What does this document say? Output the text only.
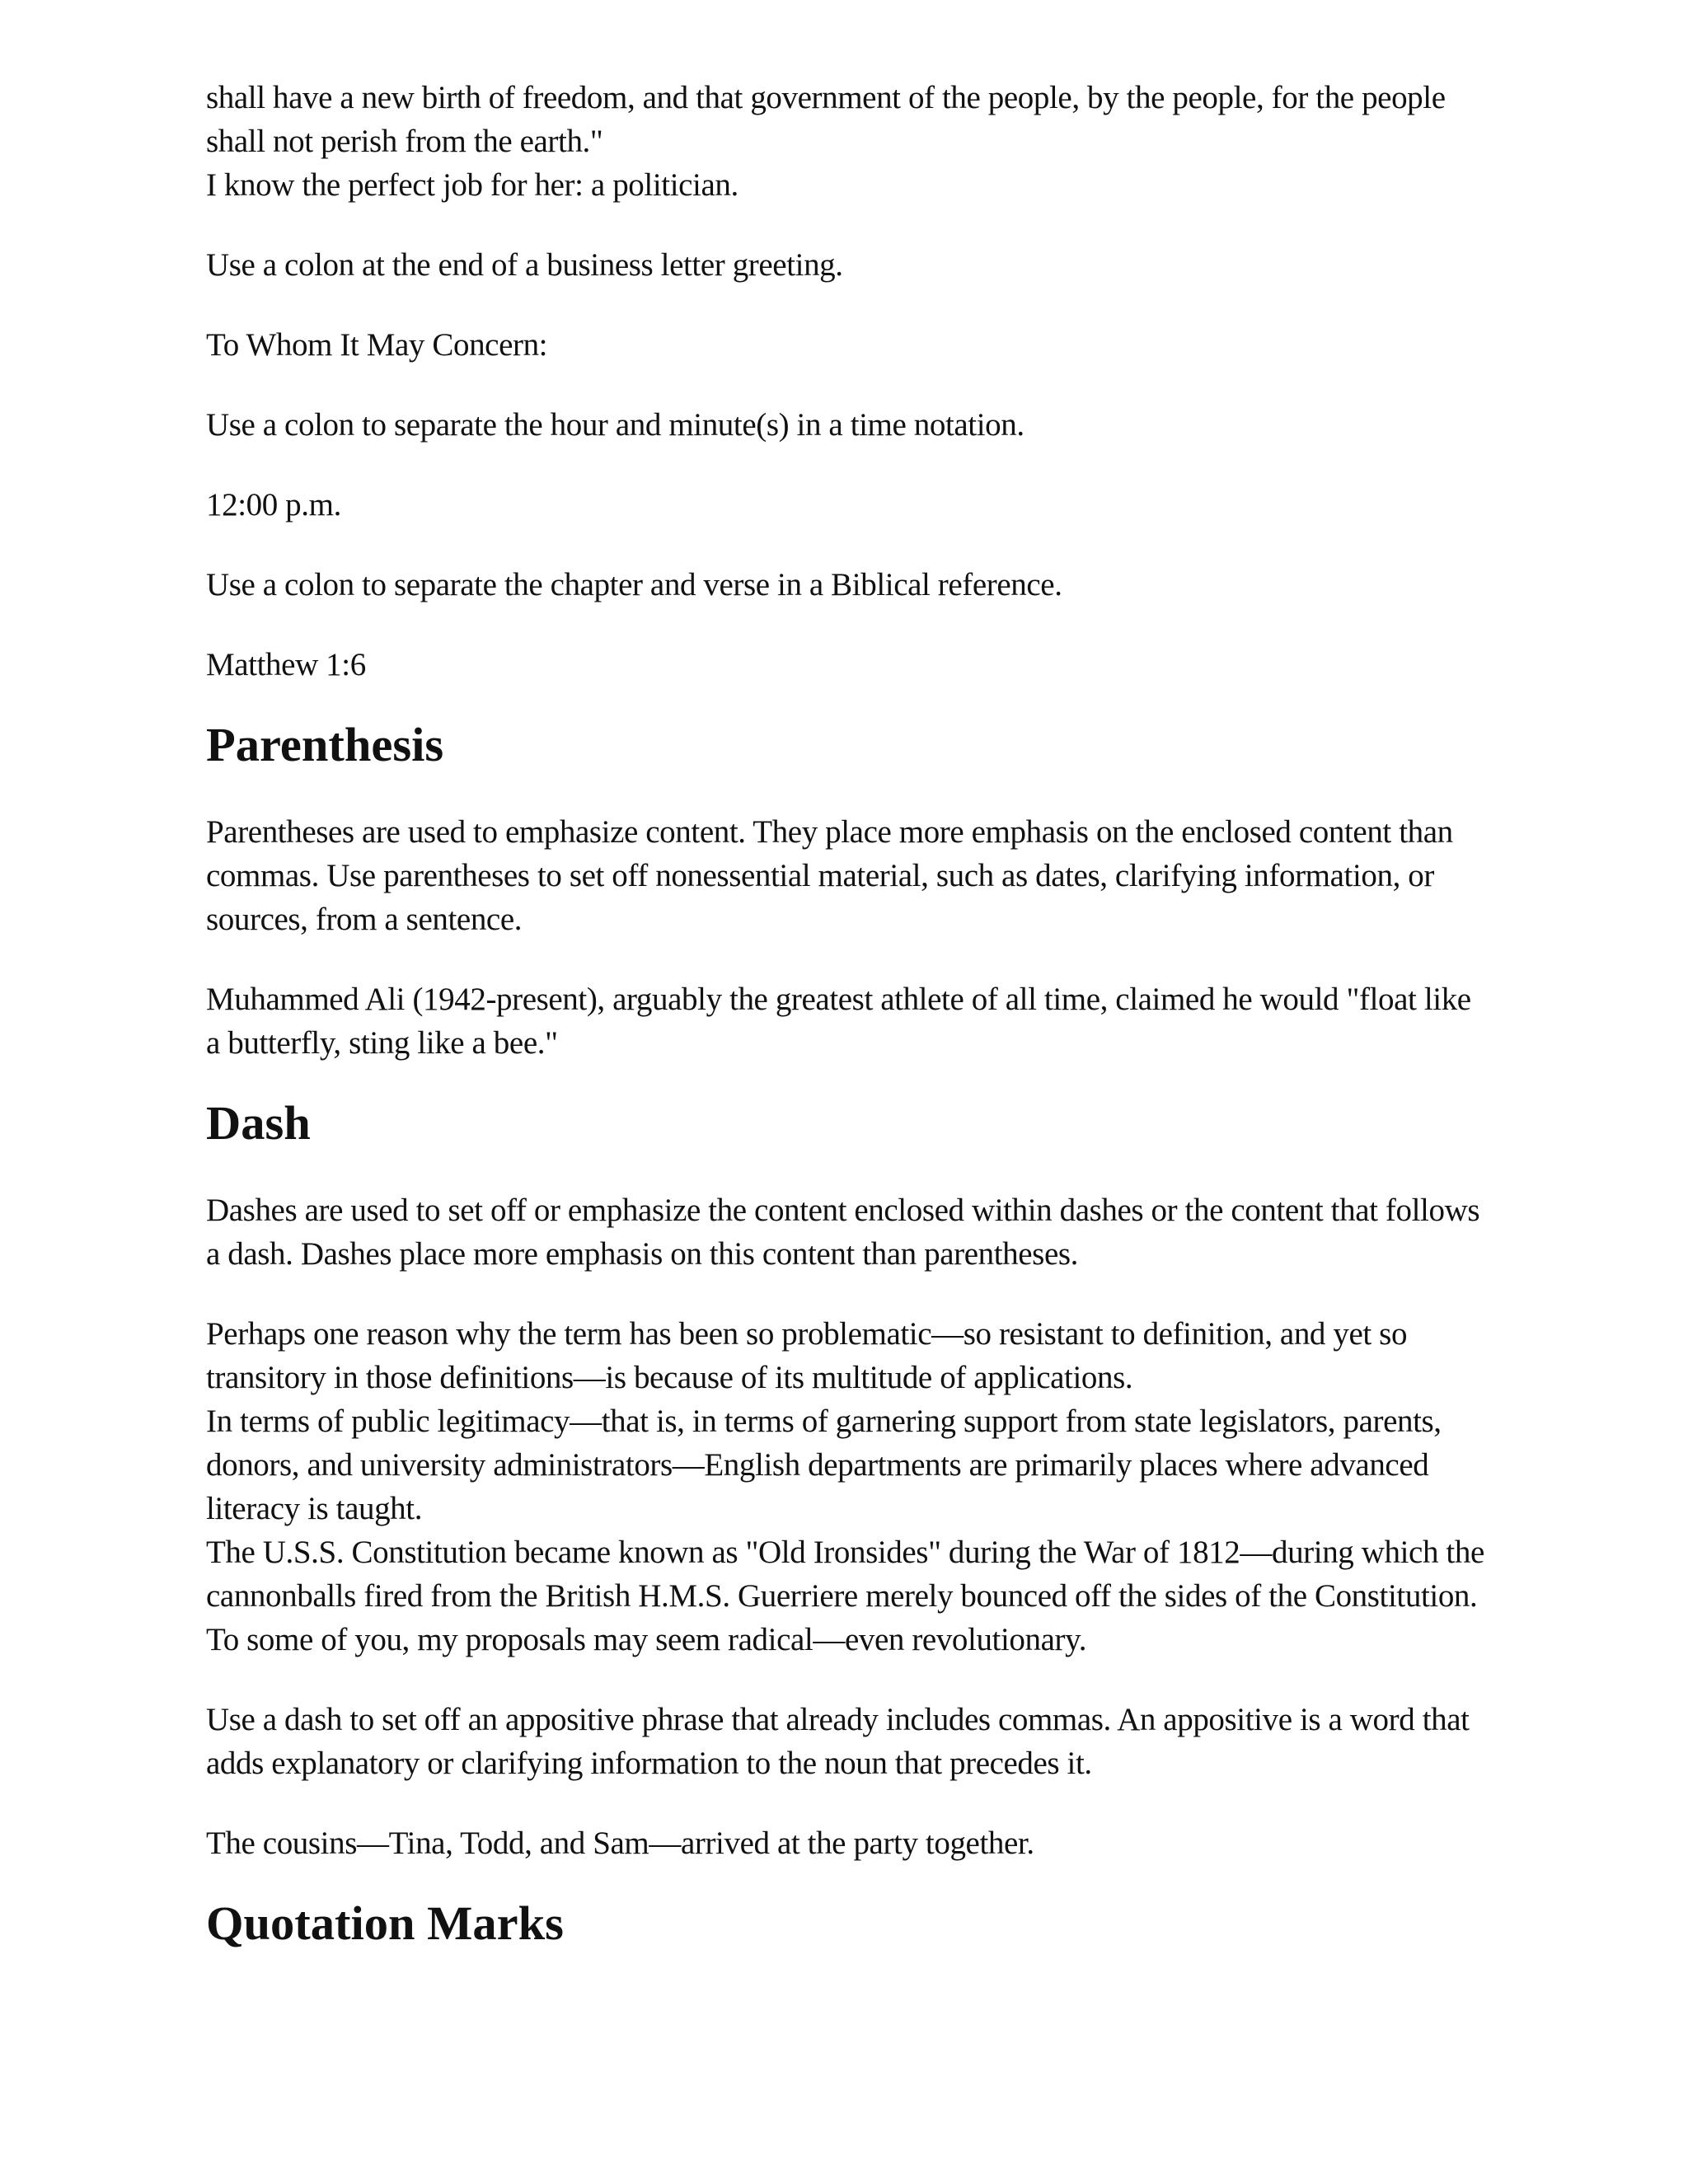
shall have a new birth of freedom, and that government of the people, by the people, for the people shall not perish from the earth."

I know the perfect job for her: a politician.

Use a colon at the end of a business letter greeting.

To Whom It May Concern:

Use a colon to separate the hour and minute(s) in a time notation.

12:00 p.m.

Use a colon to separate the chapter and verse in a Biblical reference.

Matthew 1:6

Parenthesis

Parentheses are used to emphasize content. They place more emphasis on the enclosed content than commas. Use parentheses to set off nonessential material, such as dates, clarifying information, or sources, from a sentence.

Muhammed Ali (1942-present), arguably the greatest athlete of all time, claimed he would "float like a butterfly, sting like a bee."

Dash

Dashes are used to set off or emphasize the content enclosed within dashes or the content that follows a dash. Dashes place more emphasis on this content than parentheses.

Perhaps one reason why the term has been so problematic—so resistant to definition, and yet so transitory in those definitions—is because of its multitude of applications.

In terms of public legitimacy—that is, in terms of garnering support from state legislators, parents, donors, and university administrators—English departments are primarily places where advanced literacy is taught.

The U.S.S. Constitution became known as "Old Ironsides" during the War of 1812—during which the cannonballs fired from the British H.M.S. Guerriere merely bounced off the sides of the Constitution.

To some of you, my proposals may seem radical—even revolutionary.

Use a dash to set off an appositive phrase that already includes commas. An appositive is a word that adds explanatory or clarifying information to the noun that precedes it.

The cousins—Tina, Todd, and Sam—arrived at the party together.

Quotation Marks
